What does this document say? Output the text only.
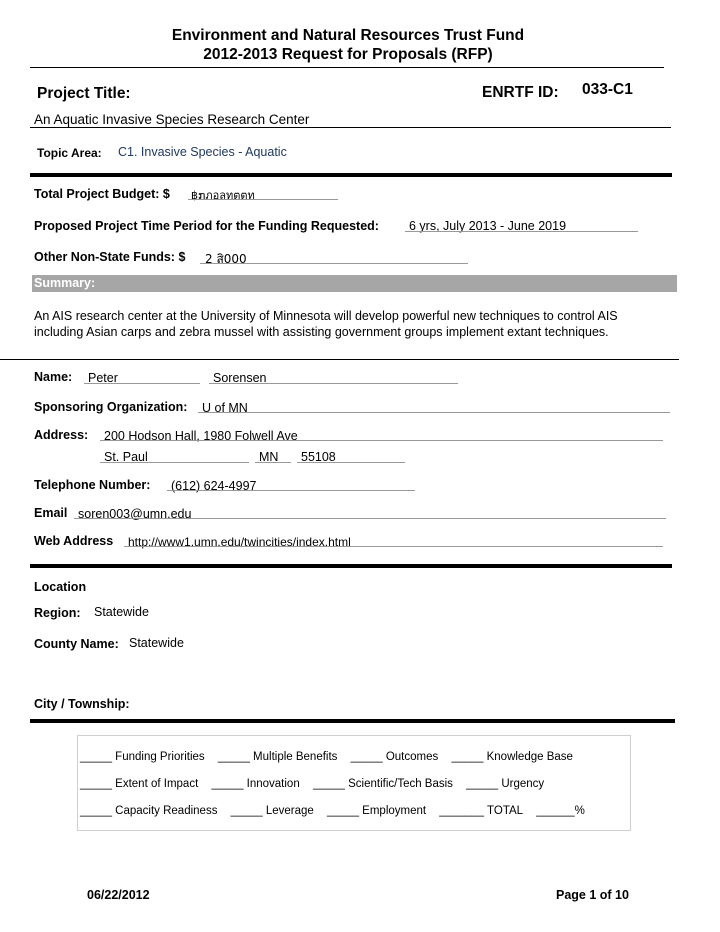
Environment and Natural Resources Trust Fund
2012-2013 Request for Proposals (RFP)
Project Title:	ENRTF ID: 033-C1
An Aquatic Invasive Species Research Center
Topic Area: C1. Invasive Species - Aquatic
Total Project Budget: $ ฿ກภอลทตตท
Proposed Project Time Period for the Funding Requested: 6 yrs, July 2013 - June 2019
Other Non-State Funds: $ 2 สิ000
Summary:
An AIS research center at the University of Minnesota will develop powerful new techniques to control AIS including Asian carps and zebra mussel with assisting government groups implement extant techniques.
Name: Peter	Sorensen
Sponsoring Organization: U of MN
Address: 200 Hodson Hall, 1980 Folwell Ave
St. Paul	MN 55108
Telephone Number: (612) 624-4997
Email soren003@umn.edu
Web Address http://www1.umn.edu/twincities/index.html
Location
Region: Statewide
County Name: Statewide
City / Township:
_____ Funding Priorities _____ Multiple Benefits _____ Outcomes _____ Knowledge Base
_____ Extent of Impact _____ Innovation _____ Scientific/Tech Basis _____ Urgency
_____ Capacity Readiness _____ Leverage _____ Employment _______ TOTAL ______%
06/22/2012	Page 1 of 10
